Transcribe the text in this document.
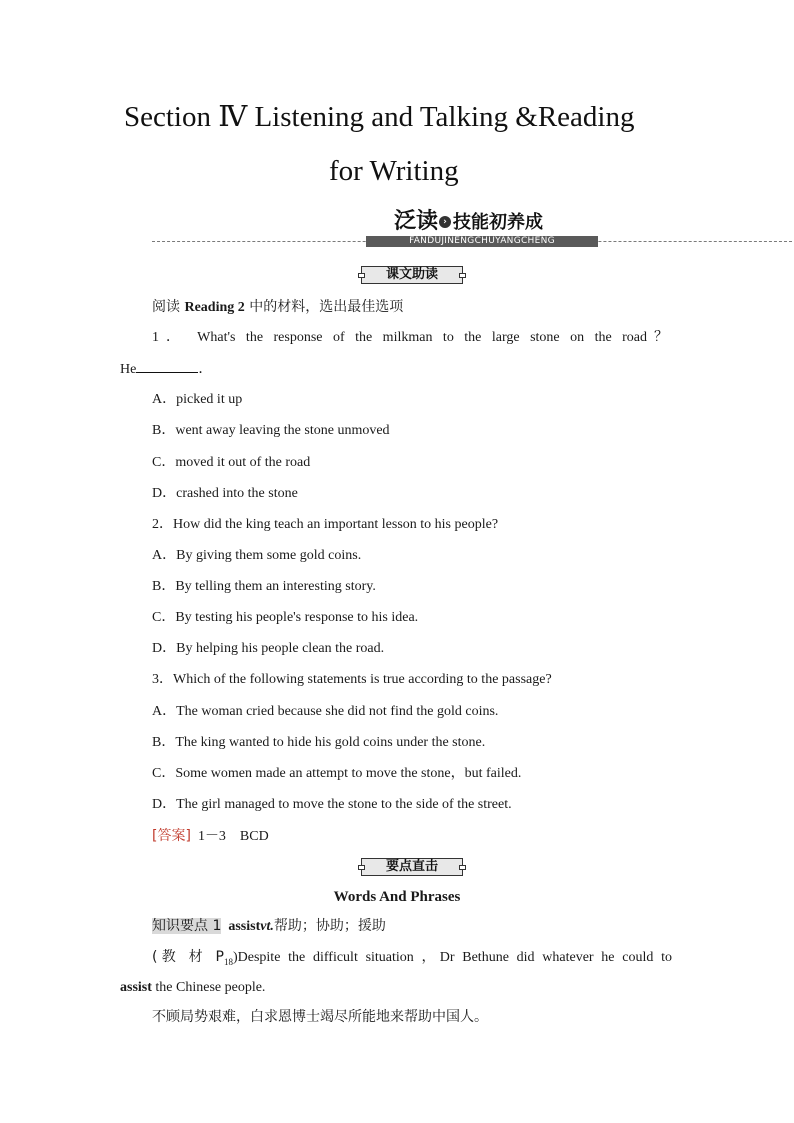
Section Ⅳ Listening and Talking &Reading
for Writing
泛读 › 技能初养成
FANDUJINENGCHUYANGCHENG
课文助读
阅读 Reading 2 中的材料，选出最佳选项
1． What's the response of the milkman to the large stone on the road？
He	．
A．picked it up
B．went away leaving the stone unmoved
C．moved it out of the road
D．crashed into the stone
2．How did the king teach an important lesson to his people?
A．By giving them some gold coins.
B．By telling them an interesting story.
C．By testing his people's response to his idea.
D．By helping his people clean the road.
3．Which of the following statements is true according to the passage?
A．The woman cried because she did not find the gold coins.
B．The king wanted to hide his gold coins under the stone.
C．Some women made an attempt to move the stone，but failed.
D．The girl managed to move the stone to the side of the street.
[答案]  1－3    BCD
要点直击
Words And Phrases
知识要点 1 assistvt.帮助；协助；援助
(教 材 $P_{18})Despite$ the difficult situation ，Dr Bethune did whatever he could to
assist the Chinese people.
不顾局势艰难，白求恩博士竭尽所能地来帮助中国人。
